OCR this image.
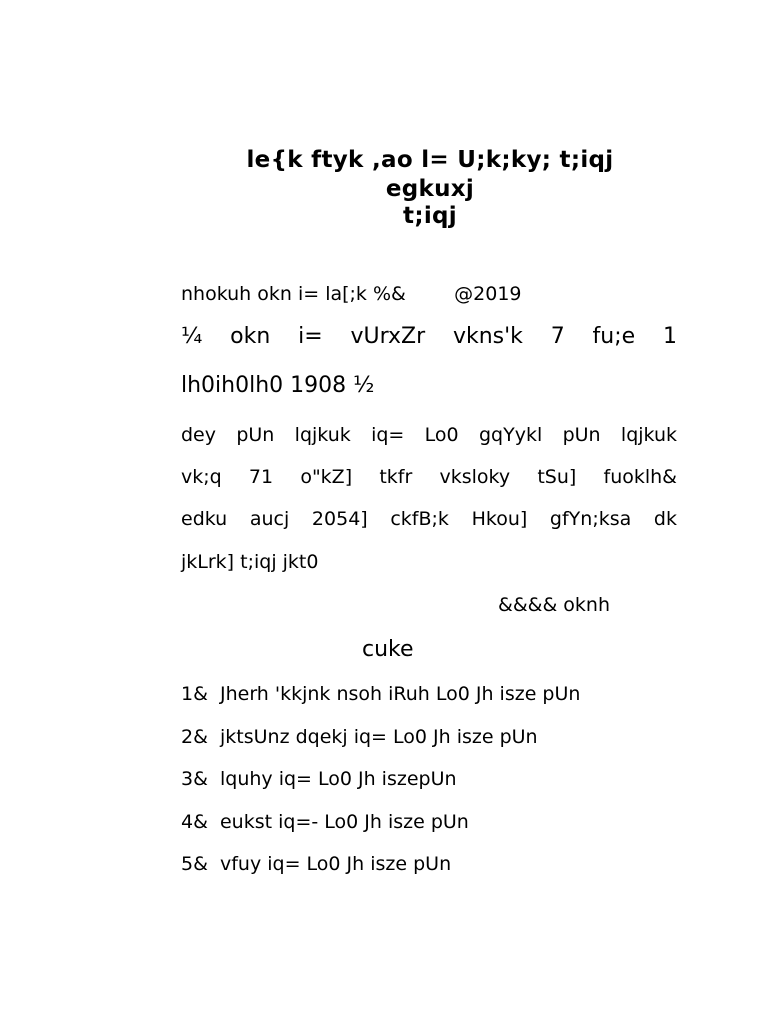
le{k ftyk ,ao l= U;k;ky; t;iqj
egkuxj
t;iqj
nhokuh okn i= la[;k %&        @2019
¼ okn i= vUrxZr vkns'k 7 fu;e 1
lh0ih0lh0 1908 ½
dey pUn lqjkuk iq= Lo0 gqYykl pUn lqjkuk
vk;q 71 o"kZ] tkfr vksloky tSu] fuoklh&
edku aucj 2054] ckfB;k Hkou] gfYn;ksa dk
jkLrk] t;iqj jkt0
&&&& oknh
cuke
1&  Jherh 'kkjnk nsoh iRuh Lo0 Jh isze pUn
2&  jktsUnz dqekj iq= Lo0 Jh isze pUn
3&  lquhy iq= Lo0 Jh iszepUn
4&  eukst iq=- Lo0 Jh isze pUn
5&  vfuy iq= Lo0 Jh isze pUn
